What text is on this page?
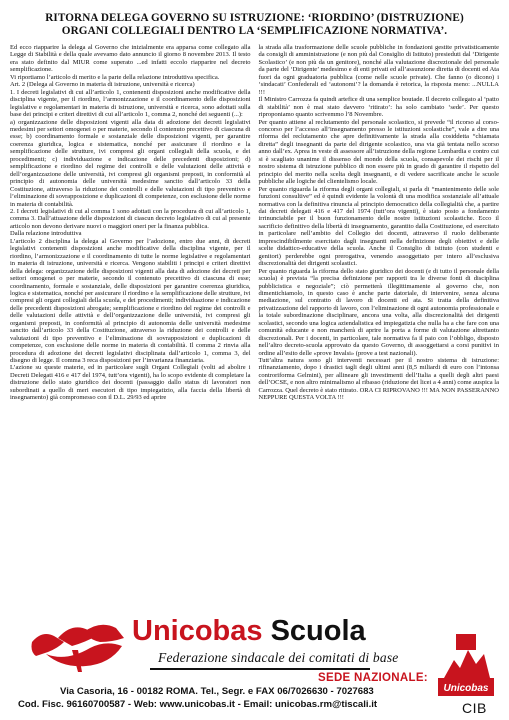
RITORNA DELEGA GOVERNO SU ISTRUZIONE: ‘RIORDINO’ (DISTRUZIONE)
ORGANI COLLEGIALI DENTRO LA ‘SEMPLIFICAZIONE NORMATIVA’.

Ed ecco riapparire la delega al Governo che inizialmente era apparsa come collegato alla Legge di Stabilità e della quale avevamo dato annuncio il giorno 8 novembre 2013. Il testo era stato definito dal MIUR come superato ...ed infatti eccolo riapparire nel decreto semplificazione.

Vi riportiamo l’articolo di merito e la parte della relazione introduttiva specifica.

Art. 2 (Delega al Governo in materia di istruzione, università e ricerca)

1. I decreti legislativi di cui all’articolo 1, contenenti disposizioni anche modificative della disciplina vigente, per il riordino, l’armonizzazione e il coordinamento delle disposizioni legislative e regolamentari in materia di istruzione, università e ricerca, sono adottati sulla base dei principi e criteri direttivi di cui all’articolo 1, comma 2, nonché dei seguenti (...):

a) organizzazione delle disposizioni vigenti alla data di adozione dei decreti legislativi medesimi per settori omogenei o per materie, secondo il contenuto precettivo di ciascuna di esse; b) coordinamento formale e sostanziale delle disposizioni vigenti, per garantire coerenza giuridica, logica e sistematica, nonché per assicurare il riordino e la semplificazione delle strutture, ivi compresi gli organi collegiali della scuola, e dei procedimenti; c) individuazione e indicazione delle precedenti disposizioni; d) semplificazione e riordino del regime dei controlli e delle valutazioni delle attività e dell’organizzazione delle università, ivi compresi gli organismi preposti, in conformità al principio di autonomia delle università medesime sancito dall’articolo 33 della Costituzione, attraverso la riduzione dei controlli e delle valutazioni di tipo preventivo e l’eliminazione di sovrapposizione e duplicazioni di competenze, con esclusione delle norme in materia di contabilità.

2. I decreti legislativi di cui al comma 1 sono adottati con la procedura di cui all’articolo 1, comma 3. Dall’attuazione delle disposizioni di ciascun decreto legislativo di cui al presente articolo non devono derivare nuovi o maggiori oneri per la finanza pubblica.

Dalla relazione introduttiva

L’articolo 2 disciplina la delega al Governo per l’adozione, entro due anni, di decreti legislativi contenenti disposizioni anche modificative della disciplina vigente, per il riordino, l’armonizzazione e il coordinamento di tutte le norme legislative e regolamentari in materia di istruzione, università e ricerca. Vengono stabiliti i principi e criteri direttivi della delega: organizzazione delle disposizioni vigenti alla data di adozione dei decreti per settori omogenei o per materie, secondo il contenuto precettivo di ciascuna di esse; coordinamento, formale e sostanziale, delle disposizioni per garantire coerenza giuridica, logica e sistematica, nonché per assicurare il riordino e la semplificazione delle strutture, ivi compresi gli organi collegiali della scuola, e dei procedimenti; individuazione e indicazione delle precedenti disposizioni abrogate; semplificazione e riordino del regime dei controlli e delle valutazioni delle attività e dell’organizzazione delle università, ivi compresi gli organismi preposti, in conformità al principio di autonomia delle università medesime sancito dall’articolo 33 della Costituzione, attraverso la riduzione dei controlli e delle valutazioni di tipo preventivo e l’eliminazione di sovrapposizioni e duplicazioni di competenze, con esclusione delle norme in materia di contabilità. Il comma 2 rinvia alla procedura di adozione dei decreti legislativi disciplinata dall’articolo 1, comma 3, del disegno di legge. Il comma 3 reca disposizioni per l’invarianza finanziaria.

L’azione su queste materie, ed in particolare sugli Organi Collegiali (volti ad abolire i Decreti Delegati 416 e 417 del 1974, tutt’ora vigenti), ha lo scopo evidente di completare la distruzione dello stato giuridico dei docenti (passaggio dallo status di lavoratori non subordinati a quello di meri esecutori di tipo impiegatizio, alla faccia della libertà di insegnamento) già compromesso con il D.L. 29/93 ed aprire

la strada alla trasformazione delle scuole pubbliche in fondazioni gestite privatisticamente da consigli di amministrazione (e non più dal Consiglio di Istituto) presieduti dal ‘Dirigente Scolastico’ (e non più da un genitore), nonché alla valutazione discrezionale del personale da parte del ‘Dirigente’ medesimo e di enti privati ed all’assunzione diretta di docenti ed Ata fuori da ogni graduatoria pubblica (come nelle scuole private). Che fanno (o dicono) i ‘sindacati’ Confederali ed ‘autonomi’? la domanda è retorica, la risposta meno: ...NULLA !!!

Il Ministro Carrozza fa quindi artefice di una semplice boutade. Il decreto collegato al ‘patto di stabilità’ non è mai stato davvero ‘ritirato’: ha solo cambiato ‘sede’. Per questo riproponiamo quanto scrivemmo l’8 Novembre.

Per quanto attiene al reclutamento del personale scolastico, si prevede “il ricorso al corso-concorso per l’accesso all’insegnamento presso le istituzioni scolastiche”, vale a dire una riforma del reclutamento che apre definitivamente la strada alla cosiddetta “chiamata diretta” degli insegnanti da parte del dirigente scolastico, una via già tentata nello scorso anno dall’ex. Aprea in veste di assessore all’istruzione della regione Lombardia e contro cui si è scagliato unanime il dissenso del mondo della scuola, consapevole dei rischi per il nostro sistema di istruzione pubblico di non essere più in grado di garantire il rispetto del principio del merito nella scelta degli insegnanti, e di vedere sacrificate anche le scuole pubbliche alle logiche del clientelismo locale.

Per quanto riguarda la riforma degli organi collegiali, si parla di “mantenimento delle sole funzioni consultive” ed è quindi evidente la volontà di una modifica sostanziale all’attuale normativa con la definitiva rinuncia al principio democratico della collegialità che, a partire dai decreti delegati 416 e 417 del 1974 (tutt’ora vigenti), è stato posto a fondamento irrinunciabile per il buon funzionamento delle nostre istituzioni scolastiche. Ecco il sacrificio definitivo della libertà di insegnamento, garantito dalla Costituzione, ed esercitato in particolare nell’ambito del Collegio dei docenti, attraverso il ruolo deliberante imprescindibilmente esercitato dagli insegnanti nella definizione degli obiettivi e delle scelte didattico-educative della scuola. Anche il Consiglio di istituto (con studenti e genitori) perderebbe ogni prerogativa, venendo assoggettato per intero all’esclusiva discrezionalità dei dirigenti scolastici.

Per quanto riguarda la riforma dello stato giuridico dei docenti (e di tutto il personale della scuola) è prevista “la precisa definizione per rapporti tra le diverse fonti di disciplina pubblicistica e negoziale”; ciò permetterà illegittimamente al governo che, non dimentichiamolo, in questo caso è anche parte datoriale, di intervenire, senza alcuna mediazione, sul contratto di lavoro di docenti ed ata. Si tratta della definitiva privatizzazione del rapporto di lavoro, con l’eliminazione di ogni autonomia professionale e la totale subordinazione disciplinare, ancora una volta, alla discrezionalità dei dirigenti scolastici, secondo una logica aziendalistica ed impiegatizia che nulla ha a che fare con una comunità educante e non mancherà di aprire la porta a forme di valutazione altrettanto discrezionali. Per i docenti, in particolare, tale normativa fa il paio con l’obbligo, disposto nell’altro decreto-scuola approvato da questo Governo, di assoggettarsi a corsi punitivi in ordine all’esito delle «prove Invalsi» (prove a test nazionali).

Tutt’altra natura sono gli interventi necessari per il nostro sistema di istruzione: rifinanziamento, dopo i drastici tagli degli ultimi anni (8,5 miliardi di euro con l’intonsa controriforma Gelmini), per allineare gli investimenti dell’Italia a quelli degli altri paesi dell’OCSE, e non altro minimalismo al ribasso (riduzione dei licei a 4 anni) come auspica la Carrozza. Quel decreto è stato ritirato. ORA CI RIPROVANO !!! MA NON PASSERANNO NEPPURE QUESTA VOLTA !!!

Unicobas Scuola
Federazione sindacale dei comitati di base
SEDE NAZIONALE:
Via Casoria, 16 - 00182 ROMA. Tel., Segr. e FAX 06/7026630 - 7027683
Cod. Fisc. 96160700587 - Web: www.unicobas.it - Email: unicobas.rm@tiscali.it
Unicobas
CIB
